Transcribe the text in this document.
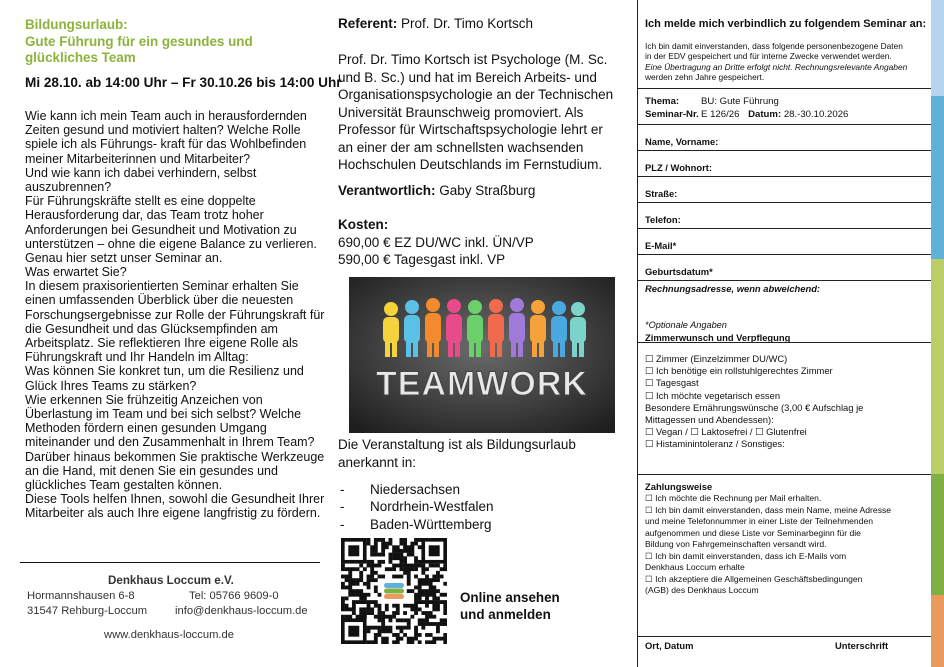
Bildungsurlaub:
Gute Führung für ein gesundes und
glückliches Team
Mi 28.10. ab 14:00 Uhr – Fr 30.10.26 bis 14:00 Uhr
Wie kann ich mein Team auch in herausfordernden
Zeiten gesund und motiviert halten? Welche Rolle
spiele ich als Führungs- kraft für das Wohlbefinden
meiner Mitarbeiterinnen und Mitarbeiter?
Und wie kann ich dabei verhindern, selbst
auszubrennen?
Für Führungskräfte stellt es eine doppelte
Herausforderung dar, das Team trotz hoher
Anforderungen bei Gesundheit und Motivation zu
unterstützen – ohne die eigene Balance zu verlieren.
Genau hier setzt unser Seminar an.
Was erwartet Sie?
In diesem praxisorientierten Seminar erhalten Sie
einen umfassenden Überblick über die neuesten
Forschungsergebnisse zur Rolle der Führungskraft für
die Gesundheit und das Glücksempfinden am
Arbeitsplatz. Sie reflektieren Ihre eigene Rolle als
Führungskraft und Ihr Handeln im Alltag:
Was können Sie konkret tun, um die Resilienz und
Glück Ihres Teams zu stärken?
Wie erkennen Sie frühzeitig Anzeichen von
Überlastung im Team und bei sich selbst? Welche
Methoden fördern einen gesunden Umgang
miteinander und den Zusammenhalt in Ihrem Team?
Darüber hinaus bekommen Sie praktische Werkzeuge
an die Hand, mit denen Sie ein gesundes und
glückliches Team gestalten können.
Diese Tools helfen Ihnen, sowohl die Gesundheit Ihrer
Mitarbeiter als auch Ihre eigene langfristig zu fördern.
Denkhaus Loccum e.V.
Hormannshausen 6-8
31547 Rehburg-Loccum
Tel: 05766 9609-0
info@denkhaus-loccum.de
www.denkhaus-loccum.de
Referent: Prof. Dr. Timo Kortsch
Prof. Dr. Timo Kortsch ist Psychologe (M. Sc.
und B. Sc.) und hat im Bereich Arbeits- und
Organisationspsychologie an der Technischen
Universität Braunschweig promoviert. Als
Professor für Wirtschaftspsychologie lehrt er
an einer der am schnellsten wachsenden
Hochschulen Deutschlands im Fernstudium.
Verantwortlich: Gaby Straßburg
Kosten:
690,00 € EZ DU/WC inkl. ÜN/VP
590,00 € Tagesgast inkl. VP
TEAMWORK
Die Veranstaltung ist als Bildungsurlaub
anerkannt in:
- Niedersachsen
- Nordrhein-Westfalen
- Baden-Württemberg
Online ansehen
und anmelden
Ich melde mich verbindlich zu folgendem Seminar an:
Ich bin damit einverstanden, dass folgende personenbezogene Daten
in der EDV gespeichert und für interne Zwecke verwendet werden.
Eine Übertragung an Dritte erfolgt nicht. Rechnungsrelevante Angaben
werden zehn Jahre gespeichert.
Thema: BU: Gute Führung
Seminar-Nr. E 126/26 Datum: 28.-30.10.2026
Name, Vorname:
PLZ / Wohnort:
Straße:
Telefon:
E-Mail*
Geburtsdatum*
Rechnungsadresse, wenn abweichend:
*Optionale Angaben
Zimmerwunsch und Verpflegung
☐ Zimmer (Einzelzimmer DU/WC)
☐ Ich benötige ein rollstuhlgerechtes Zimmer
☐ Tagesgast
☐ Ich möchte vegetarisch essen
Besondere Ernährungswünsche (3,00 € Aufschlag je
Mittagessen und Abendessen):
☐ Vegan / ☐ Laktosefrei / ☐ Glutenfrei
☐ Histaminintoleranz / Sonstiges:
Zahlungsweise
☐ Ich möchte die Rechnung per Mail erhalten.
☐ Ich bin damit einverstanden, dass mein Name, meine Adresse
und meine Telefonnummer in einer Liste der Teilnehmenden
aufgenommen und diese Liste vor Seminarbeginn für die
Bildung von Fahrgemeinschaften versandt wird.
☐ Ich bin damit einverstanden, dass ich E-Mails vom
Denkhaus Loccum erhalte
☐ Ich akzeptiere die Allgemeinen Geschäftsbedingungen
(AGB) des Denkhaus Loccum
Ort, Datum	Unterschrift
